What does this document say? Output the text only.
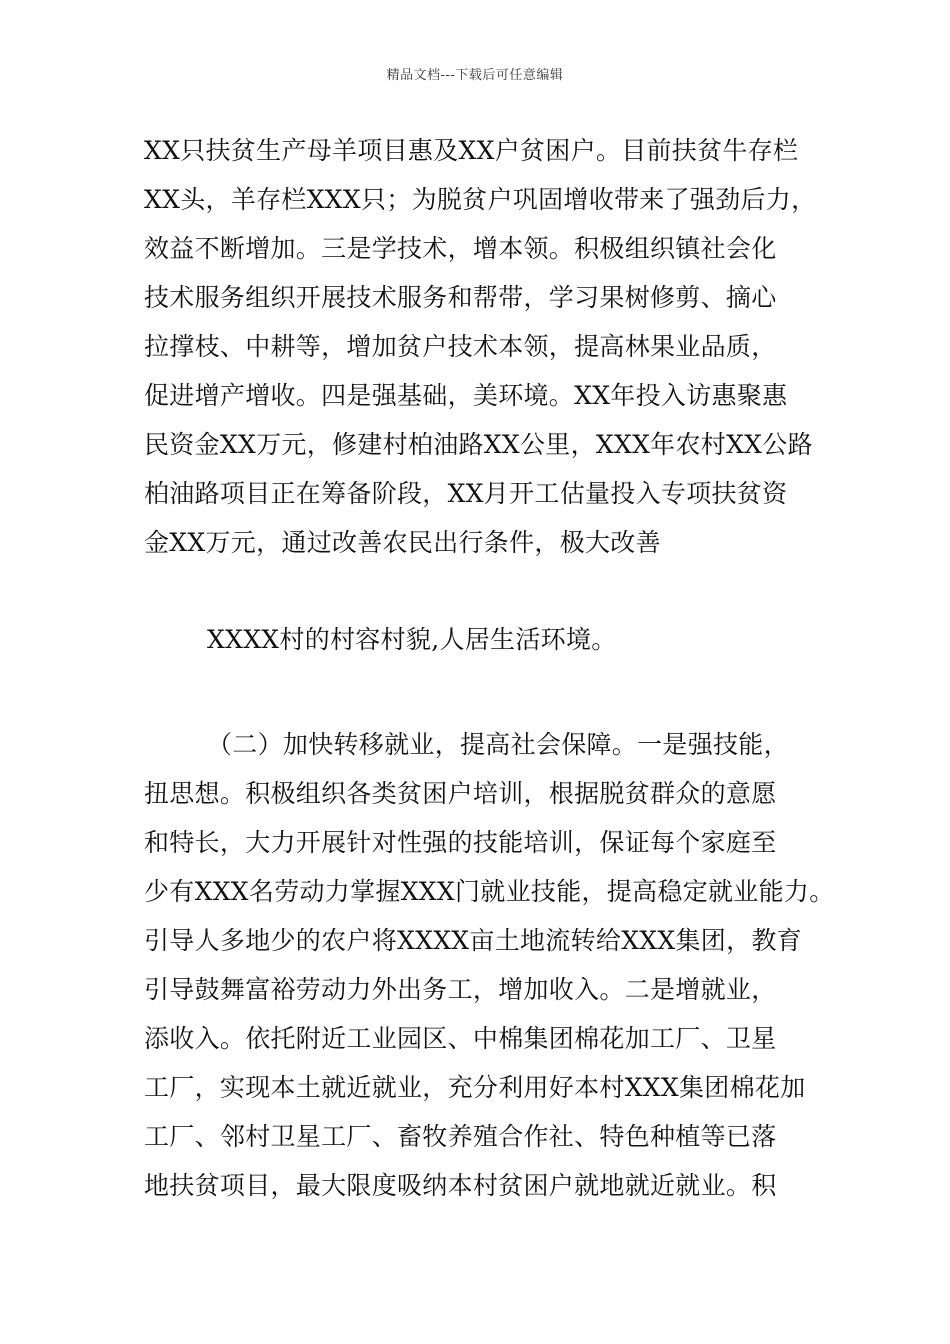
精品文档---下载后可任意编辑
XX只扶贫生产母羊项目惠及XX户贫困户。目前扶贫牛存栏
XX头，羊存栏XXX只；为脱贫户巩固增收带来了强劲后力，
效益不断增加。三是学技术，增本领。积极组织镇社会化
技术服务组织开展技术服务和帮带，学习果树修剪、摘心
拉撑枝、中耕等，增加贫户技术本领，提高林果业品质，
促进增产增收。四是强基础，美环境。XX年投入访惠聚惠
民资金XX万元，修建村柏油路XX公里，XXX年农村XX公路
柏油路项目正在筹备阶段，XX月开工估量投入专项扶贫资
金XX万元，通过改善农民出行条件，极大改善
XXXX村的村容村貌,人居生活环境。
（二）加快转移就业，提高社会保障。一是强技能，
扭思想。积极组织各类贫困户培训，根据脱贫群众的意愿
和特长，大力开展针对性强的技能培训，保证每个家庭至
少有XXX名劳动力掌握XXX门就业技能，提高稳定就业能力。
引导人多地少的农户将XXXX亩土地流转给XXX集团，教育
引导鼓舞富裕劳动力外出务工，增加收入。二是增就业，
添收入。依托附近工业园区、中棉集团棉花加工厂、卫星
工厂，实现本土就近就业，充分利用好本村XXX集团棉花加
工厂、邻村卫星工厂、畜牧养殖合作社、特色种植等已落
地扶贫项目，最大限度吸纳本村贫困户就地就近就业。积
